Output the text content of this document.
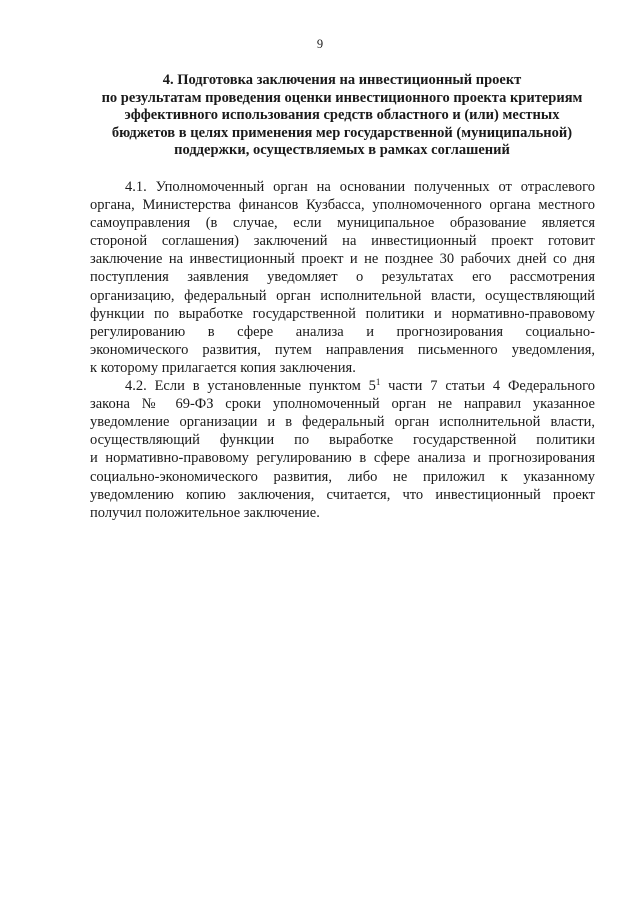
9
4. Подготовка заключения на инвестиционный проект
по результатам проведения оценки инвестиционного проекта критериям
эффективного использования средств областного и (или) местных
бюджетов в целях применения мер государственной (муниципальной)
поддержки, осуществляемых в рамках соглашений
4.1. Уполномоченный орган на основании полученных от отраслевого
органа, Министерства финансов Кузбасса, уполномоченного органа местного
самоуправления (в случае, если муниципальное образование является
стороной соглашения) заключений на инвестиционный проект готовит
заключение на инвестиционный проект и не позднее 30 рабочих дней со дня
поступления заявления уведомляет о результатах его рассмотрения
организацию, федеральный орган исполнительной власти, осуществляющий
функции по выработке государственной политики и нормативно-правовому
регулированию в сфере анализа и прогнозирования социально-
экономического развития, путем направления письменного уведомления,
к которому прилагается копия заключения.
4.2. Если в установленные пунктом $5^1$ части 7 статьи 4 Федерального
закона № 69-ФЗ сроки уполномоченный орган не направил указанное
уведомление организации и в федеральный орган исполнительной власти,
осуществляющий функции по выработке государственной политики
и нормативно-правовому регулированию в сфере анализа и прогнозирования
социально-экономического развития, либо не приложил к указанному
уведомлению копию заключения, считается, что инвестиционный проект
получил положительное заключение.
